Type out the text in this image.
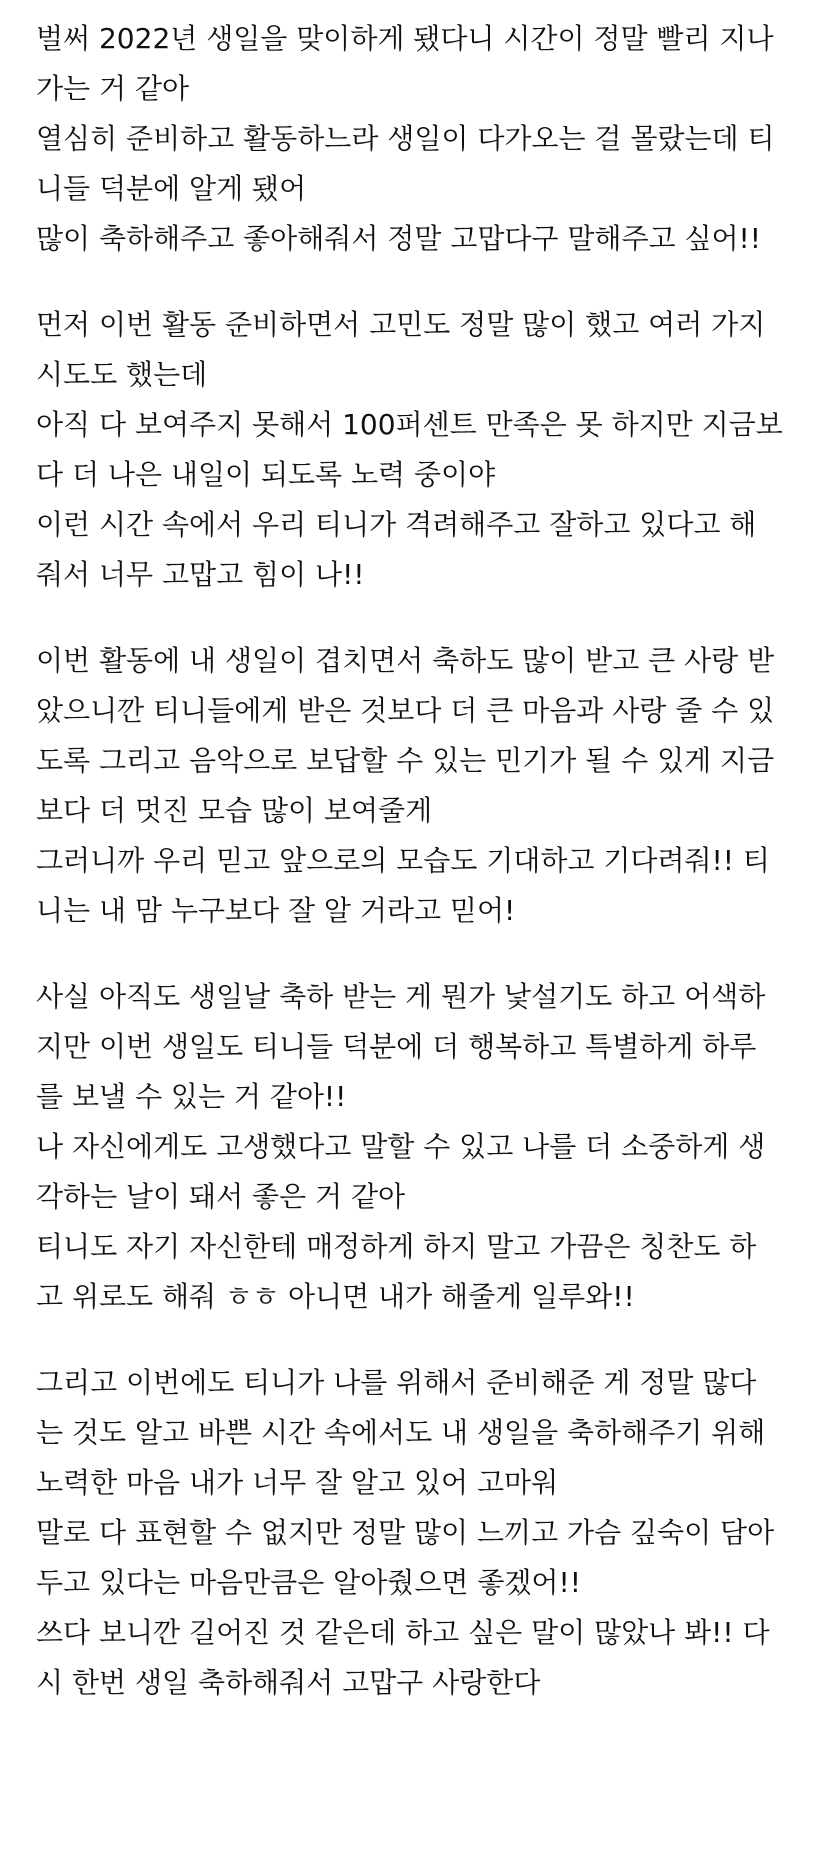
벌써 2022년 생일을 맞이하게 됐다니 시간이 정말 빨리 지나
가는 거 같아
열심히 준비하고 활동하느라 생일이 다가오는 걸 몰랐는데 티
니들 덕분에 알게 됐어
많이 축하해주고 좋아해줘서 정말 고맙다구 말해주고 싶어!!
먼저 이번 활동 준비하면서 고민도 정말 많이 했고 여러 가지
시도도 했는데
아직 다 보여주지 못해서 100퍼센트 만족은 못 하지만 지금보
다 더 나은 내일이 되도록 노력 중이야
이런 시간 속에서 우리 티니가 격려해주고 잘하고 있다고 해
줘서 너무 고맙고 힘이 나!!
이번 활동에 내 생일이 겹치면서 축하도 많이 받고 큰 사랑 받
았으니깐 티니들에게 받은 것보다 더 큰 마음과 사랑 줄 수 있
도록 그리고 음악으로 보답할 수 있는 민기가 될 수 있게 지금
보다 더 멋진 모습 많이 보여줄게
그러니까 우리 믿고 앞으로의 모습도 기대하고 기다려줘!! 티
니는 내 맘 누구보다 잘 알 거라고 믿어!
사실 아직도 생일날 축하 받는 게 뭔가 낯설기도 하고 어색하
지만 이번 생일도 티니들 덕분에 더 행복하고 특별하게 하루
를 보낼 수 있는 거 같아!!
나 자신에게도 고생했다고 말할 수 있고 나를 더 소중하게 생
각하는 날이 돼서 좋은 거 같아
티니도 자기 자신한테 매정하게 하지 말고 가끔은 칭찬도 하
고 위로도 해줘 ㅎㅎ 아니면 내가 해줄게 일루와!!
그리고 이번에도 티니가 나를 위해서 준비해준 게 정말 많다
는 것도 알고 바쁜 시간 속에서도 내 생일을 축하해주기 위해
노력한 마음 내가 너무 잘 알고 있어 고마워
말로 다 표현할 수 없지만 정말 많이 느끼고 가슴 깊숙이 담아
두고 있다는 마음만큼은 알아줬으면 좋겠어!!
쓰다 보니깐 길어진 것 같은데 하고 싶은 말이 많았나 봐!! 다
시 한번 생일 축하해줘서 고맙구 사랑한다
